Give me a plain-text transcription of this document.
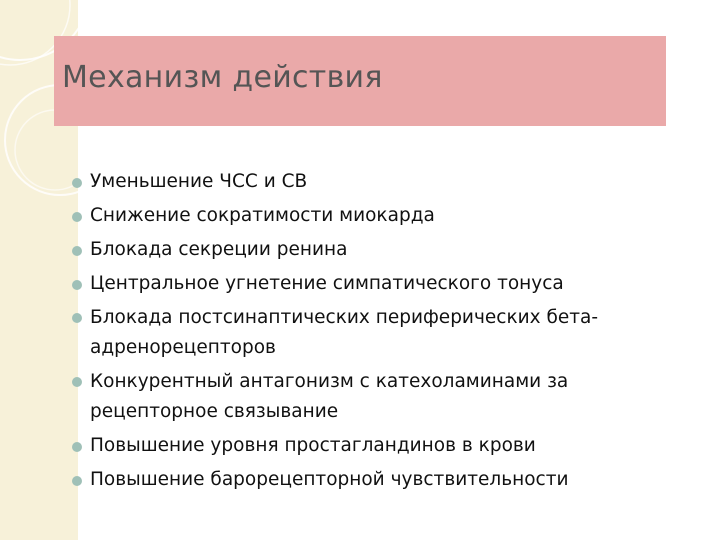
Механизм действия
Уменьшение ЧСС и СВ
Снижение сократимости миокарда
Блокада секреции ренина
Центральное угнетение симпатического тонуса
Блокада постсинаптических периферических бета-адренорецепторов
Конкурентный антагонизм с катехоламинами за рецепторное связывание
Повышение уровня простагландинов в крови
Повышение барорецепторной чувствительности
